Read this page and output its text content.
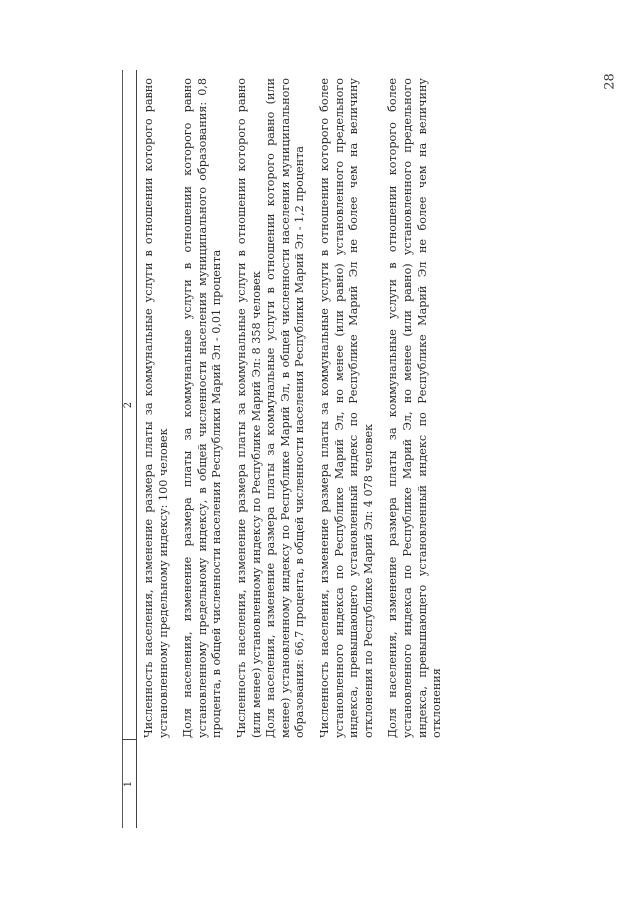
28
1
2 Численность населения, изменение размера платы за коммунальные услуги в отношении которого равно установленному предельному индексу: 100 человек Доля населения, изменение размера платы за коммунальные услуги в отношении которого равно установленному предельному индексу, в общей численности населения муниципального образования: 0,8 процента, в общей численности населения Республики Марий Эл - 0,01 процента Численность населения, изменение размера платы за коммунальные услуги в отношении которого равно (или менее) установленному индексу по Республике Марий Эл: 8 358 человек
Доля населения, изменение размера платы за коммунальные услуги в отношении которого равно (или менее) установленному индексу по Республике Марий Эл, в общей численности населения муниципального образования: 66,7 процента, в общей численности населения Республики Марий Эл - 1,2 процента Численность населения, изменение размера платы за коммунальные услуги в отношении которого более установленного индекса по Республике Марий Эл, но менее (или равно) установленного предельного индекса, превышающего установленный индекс по Республике Марий Эл не более чем на величину отклонения по Республике Марий Эл: 4 078 человек Доля населения, изменение размера платы за коммунальные услуги в отношении которого более установленного индекса по Республике Марий Эл, но менее (или равно) установленного предельного индекса, превышающего установленный индекс по Республике Марий Эл не более чем на величину отклонения
